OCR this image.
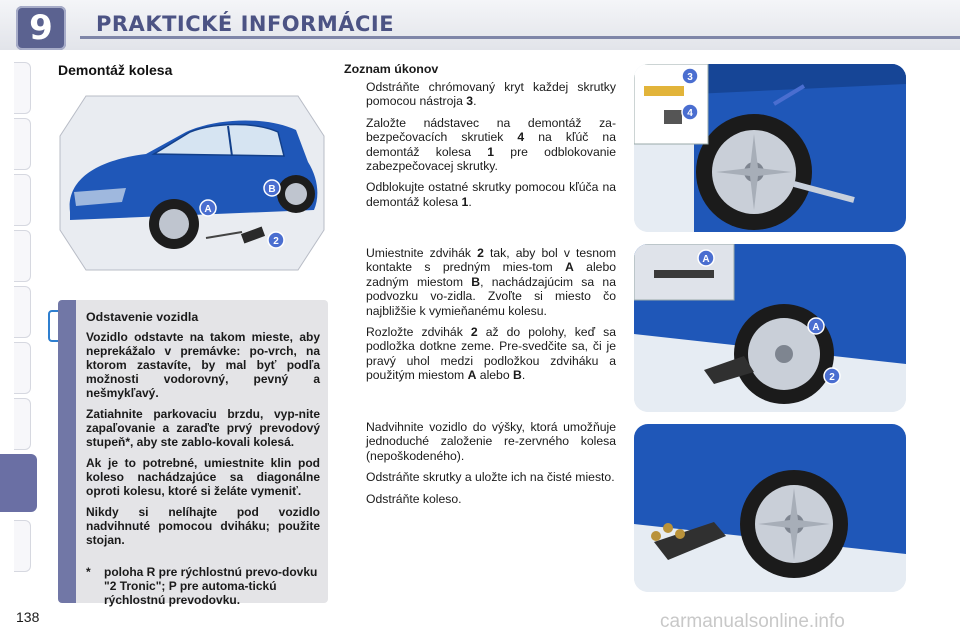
9	PRAKTICKÉ INFORMÁCIE
Demontáž kolesa
A
B
2
Odstavenie vozidla
Vozidlo odstavte na takom mieste, aby neprekážalo v premávke: po-vrch, na ktorom zastavíte, by mal byť podľa možnosti vodorovný, pevný a nešmykľavý.
Zatiahnite parkovaciu brzdu, vyp-nite zapaľovanie a zaraďte prvý prevodový stupeň*, aby ste zablo-kovali kolesá.
Ak je to potrebné, umiestnite klin pod koleso nachádzajúce sa diagonálne oproti kolesu, ktoré si želáte vymeniť.
Nikdy si nelíhajte pod vozidlo nadvihnuté pomocou dviháku; použite stojan.
*	poloha R pre rýchlostnú prevo-dovku "2 Tronic"; P pre automa-tickú rýchlostnú prevodovku.
Zoznam úkonov
Odstráňte chrómovaný kryt každej skrutky pomocou nástroja 3.
Založte nádstavec na demontáž za-bezpečovacích skrutiek 4 na kľúč na demontáž kolesa 1 pre odblokovanie zabezpečovacej skrutky.
Odblokujte ostatné skrutky pomocou kľúča na demontáž kolesa 1.
Umiestnite zdvihák 2 tak, aby bol v tesnom kontakte s predným mies-tom A alebo zadným miestom B, nachádzajúcim sa na podvozku vo-zidla. Zvoľte si miesto čo najbližšie k vymieňanému kolesu.
Rozložte zdvihák 2 až do polohy, keď sa podložka dotkne zeme. Pre-svedčite sa, či je pravý uhol medzi podložkou zdviháku a použitým miestom A alebo B.
Nadvihnite vozidlo do výšky, ktorá umožňuje jednoduché založenie re-zervného kolesa (nepoškodeného).
Odstráňte skrutky a uložte ich na čisté miesto.
Odstráňte koleso.
3
4
A
A
2
138	carmanualsonline.info
